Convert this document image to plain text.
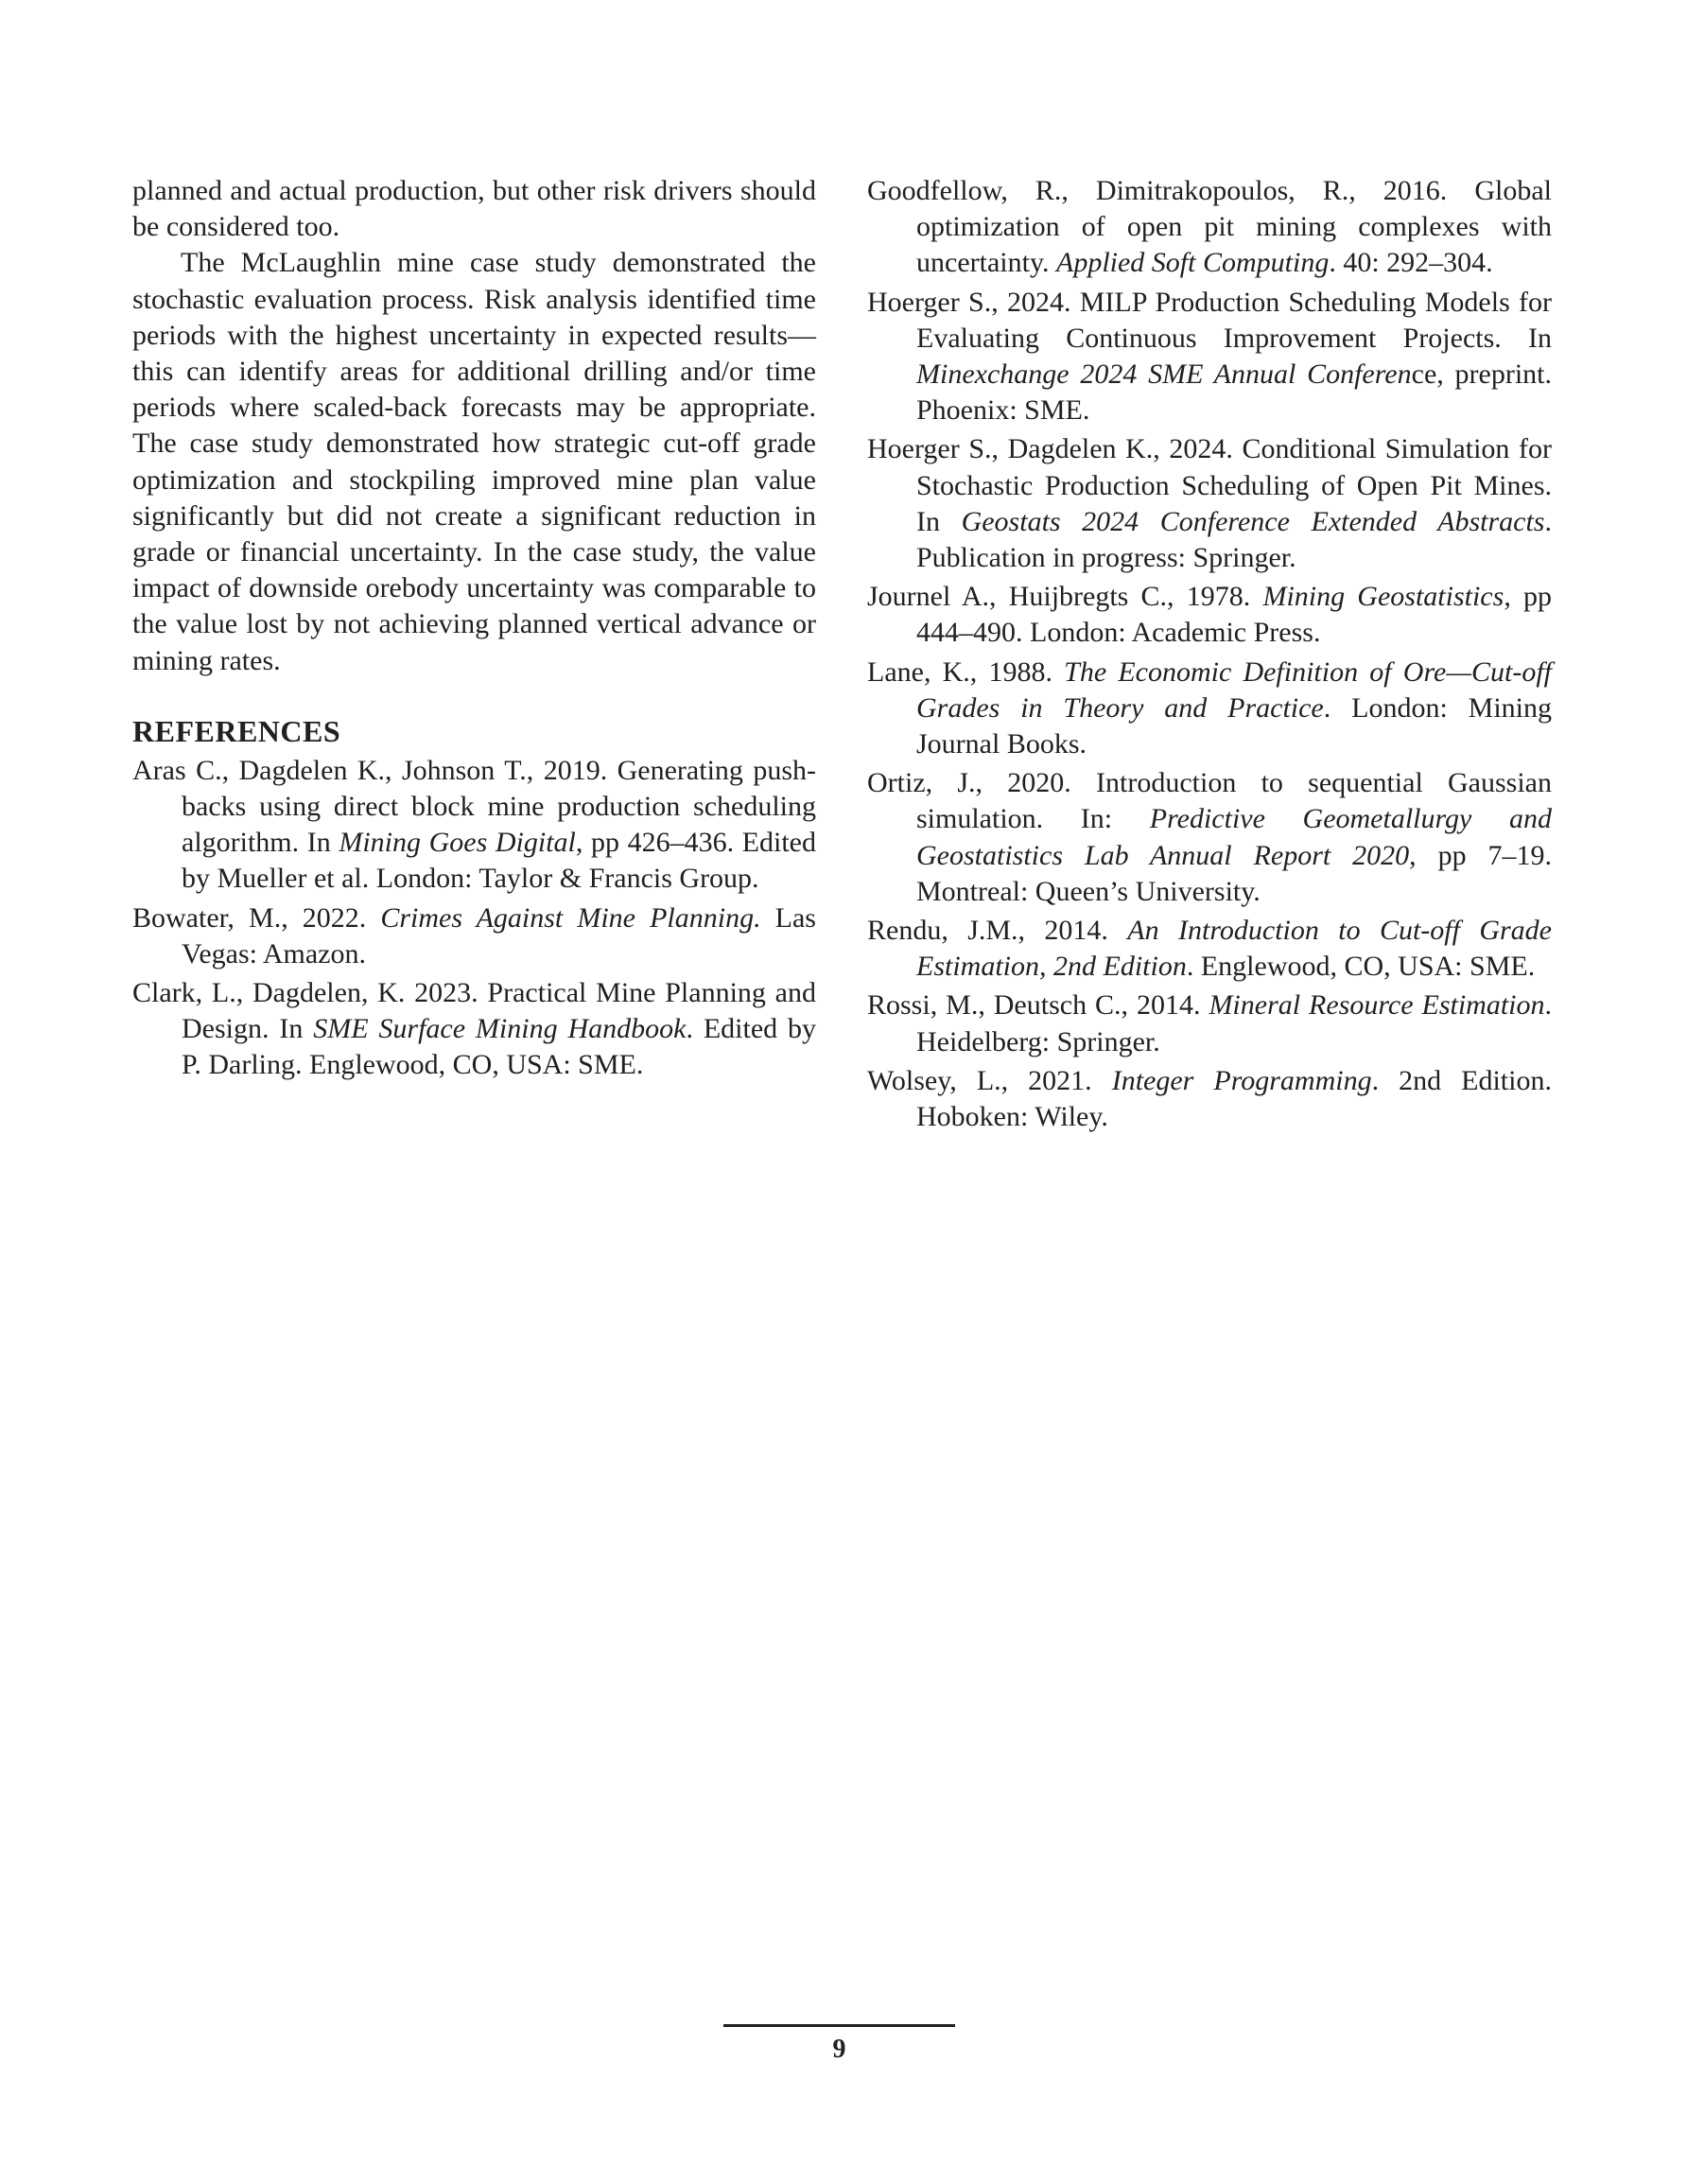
planned and actual production, but other risk drivers should be considered too.

The McLaughlin mine case study demonstrated the stochastic evaluation process. Risk analysis identified time periods with the highest uncertainty in expected results—this can identify areas for additional drilling and/or time periods where scaled-back forecasts may be appropriate. The case study demonstrated how strategic cut-off grade optimization and stockpiling improved mine plan value significantly but did not create a significant reduction in grade or financial uncertainty. In the case study, the value impact of downside orebody uncertainty was comparable to the value lost by not achieving planned vertical advance or mining rates.

REFERENCES
Aras C., Dagdelen K., Johnson T., 2019. Generating push-backs using direct block mine production scheduling algorithm. In Mining Goes Digital, pp 426–436. Edited by Mueller et al. London: Taylor & Francis Group.
Bowater, M., 2022. Crimes Against Mine Planning. Las Vegas: Amazon.
Clark, L., Dagdelen, K. 2023. Practical Mine Planning and Design. In SME Surface Mining Handbook. Edited by P. Darling. Englewood, CO, USA: SME.
Goodfellow, R., Dimitrakopoulos, R., 2016. Global optimization of open pit mining complexes with uncertainty. Applied Soft Computing. 40: 292–304.
Hoerger S., 2024. MILP Production Scheduling Models for Evaluating Continuous Improvement Projects. In Minexchange 2024 SME Annual Conference, preprint. Phoenix: SME.
Hoerger S., Dagdelen K., 2024. Conditional Simulation for Stochastic Production Scheduling of Open Pit Mines. In Geostats 2024 Conference Extended Abstracts. Publication in progress: Springer.
Journel A., Huijbregts C., 1978. Mining Geostatistics, pp 444–490. London: Academic Press.
Lane, K., 1988. The Economic Definition of Ore—Cut-off Grades in Theory and Practice. London: Mining Journal Books.
Ortiz, J., 2020. Introduction to sequential Gaussian simulation. In: Predictive Geometallurgy and Geostatistics Lab Annual Report 2020, pp 7–19. Montreal: Queen’s University.
Rendu, J.M., 2014. An Introduction to Cut-off Grade Estimation, 2nd Edition. Englewood, CO, USA: SME.
Rossi, M., Deutsch C., 2014. Mineral Resource Estimation. Heidelberg: Springer.
Wolsey, L., 2021. Integer Programming. 2nd Edition. Hoboken: Wiley.
9
